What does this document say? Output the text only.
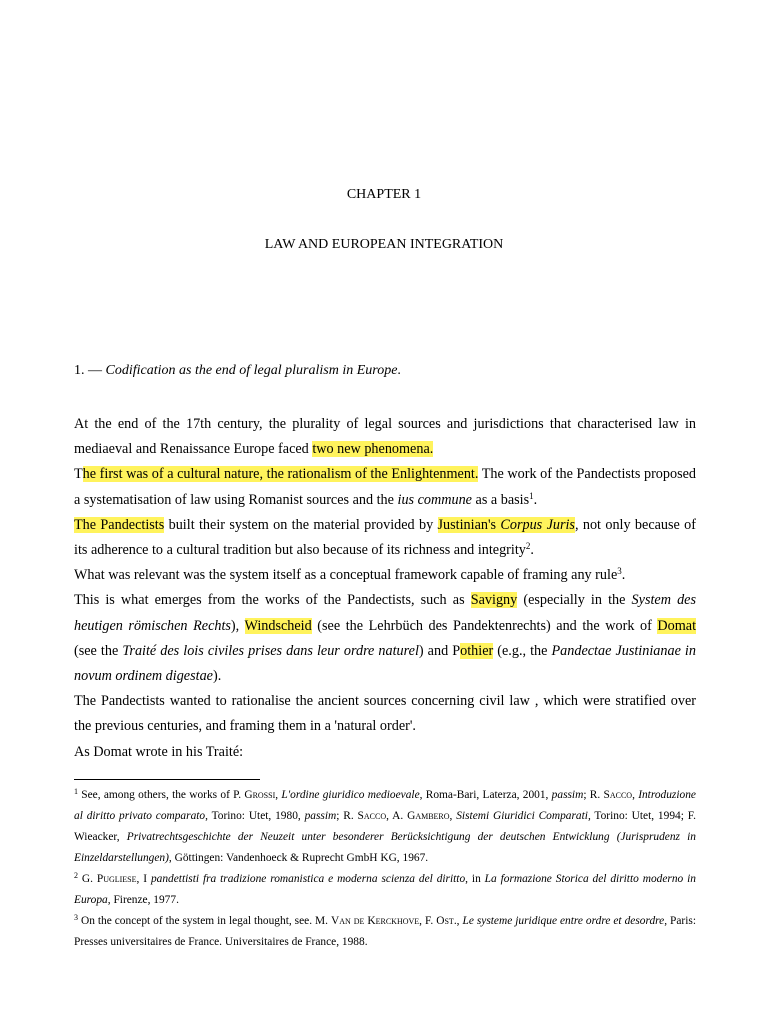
CHAPTER 1
LAW AND EUROPEAN INTEGRATION
1. — Codification as the end of legal pluralism in Europe.

At the end of the 17th century, the plurality of legal sources and jurisdictions that characterised law in mediaeval and Renaissance Europe faced two new phenomena.

The first was of a cultural nature, the rationalism of the Enlightenment. The work of the Pandectists proposed a systematisation of law using Romanist sources and the ius commune as a basis$^1$.

The Pandectists built their system on the material provided by Justinian's Corpus Juris, not only because of its adherence to a cultural tradition but also because of its richness and integrity$^2$.

What was relevant was the system itself as a conceptual framework capable of framing any rule$^3$.

This is what emerges from the works of the Pandectists, such as Savigny (especially in the System des heutigen römischen Rechts), Windscheid (see the Lehrbüch des Pandektenrechts) and the work of Domat (see the Traité des lois civiles prises dans leur ordre naturel) and Pothier (e.g., the Pandectae Justinianae in novum ordinem digestae).

The Pandectists wanted to rationalise the ancient sources concerning civil law , which were stratified over the previous centuries, and framing them in a 'natural order'.

As Domat wrote in his Traité:

$^1$ See, among others, the works of P. Grossi, L'ordine giuridico medioevale, Roma-Bari, Laterza, 2001, passim; R. Sacco, Introduzione al diritto privato comparato, Torino: Utet, 1980, passim; R. Sacco, A. Gambero, Sistemi Giuridici Comparati, Torino: Utet, 1994; F. Wieacker, Privatrechtsgeschichte der Neuzeit unter besonderer Berücksichtigung der deutschen Entwicklung (Jurisprudenz in Einzeldarstellungen), Göttingen: Vandenhoeck & Ruprecht GmbH KG, 1967.

$^2$ G. Pugliese, I pandettisti fra tradizione romanistica e moderna scienza del diritto, in La formazione Storica del diritto moderno in Europa, Firenze, 1977.

$^3$ On the concept of the system in legal thought, see. M. Van de Kerckhove, F. Ost., Le systeme juridique entre ordre et desordre, Paris: Presses universitaires de France. Universitaires de France, 1988.
